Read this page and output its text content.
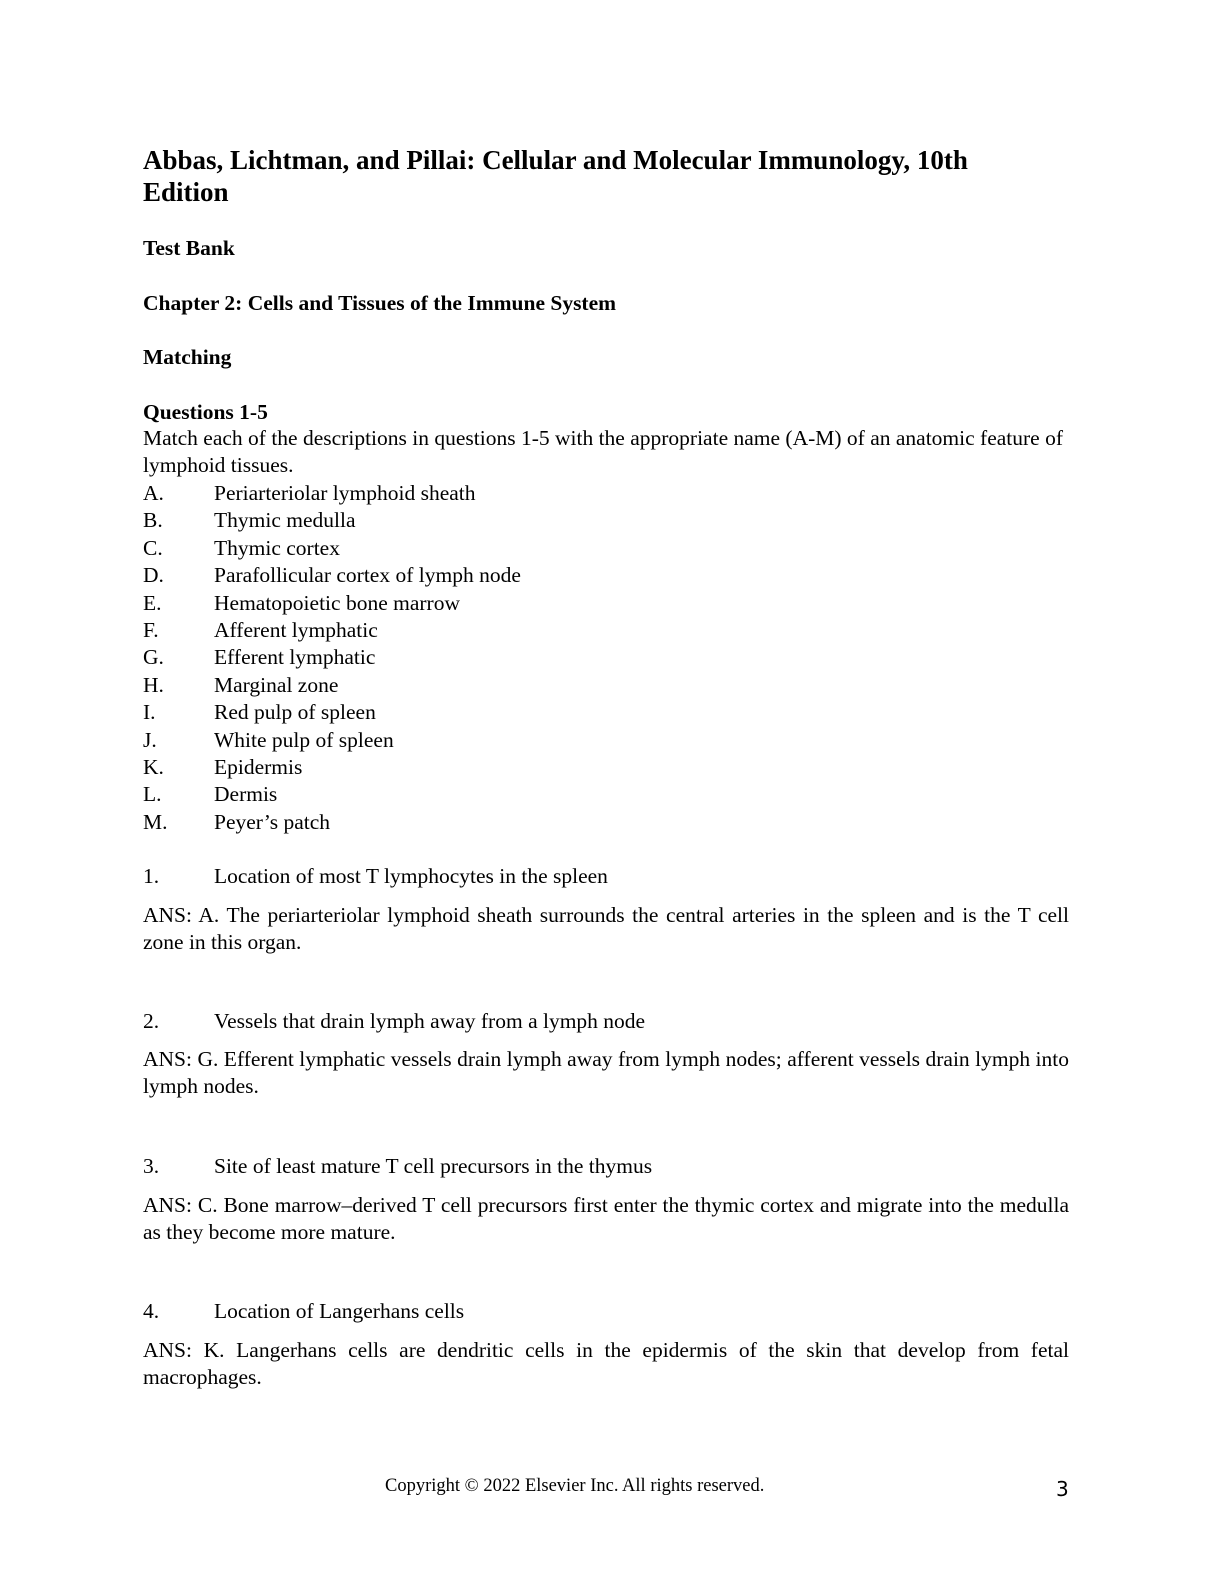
Abbas, Lichtman, and Pillai: Cellular and Molecular Immunology, 10th Edition
Test Bank
Chapter 2: Cells and Tissues of the Immune System
Matching
Questions 1-5

Match each of the descriptions in questions 1-5 with the appropriate name (A-M) of an anatomic feature of lymphoid tissues.

A.	Periarteriolar lymphoid sheath
B.	Thymic medulla
C.	Thymic cortex
D.	Parafollicular cortex of lymph node
E.	Hematopoietic bone marrow
F.	Afferent lymphatic
G.	Efferent lymphatic
H.	Marginal zone
I.	Red pulp of spleen
J.	White pulp of spleen
K.	Epidermis
L.	Dermis
M.	Peyer’s patch
1.	Location of most T lymphocytes in the spleen

ANS: A. The periarteriolar lymphoid sheath surrounds the central arteries in the spleen and is the T cell zone in this organ.

2.	Vessels that drain lymph away from a lymph node

ANS: G. Efferent lymphatic vessels drain lymph away from lymph nodes; afferent vessels drain lymph into lymph nodes.

3.	Site of least mature T cell precursors in the thymus

ANS: C. Bone marrow–derived T cell precursors first enter the thymic cortex and migrate into the medulla as they become more mature.

4.	Location of Langerhans cells

ANS: K. Langerhans cells are dendritic cells in the epidermis of the skin that develop from fetal macrophages.

Copyright © 2022 Elsevier Inc. All rights reserved.	3
